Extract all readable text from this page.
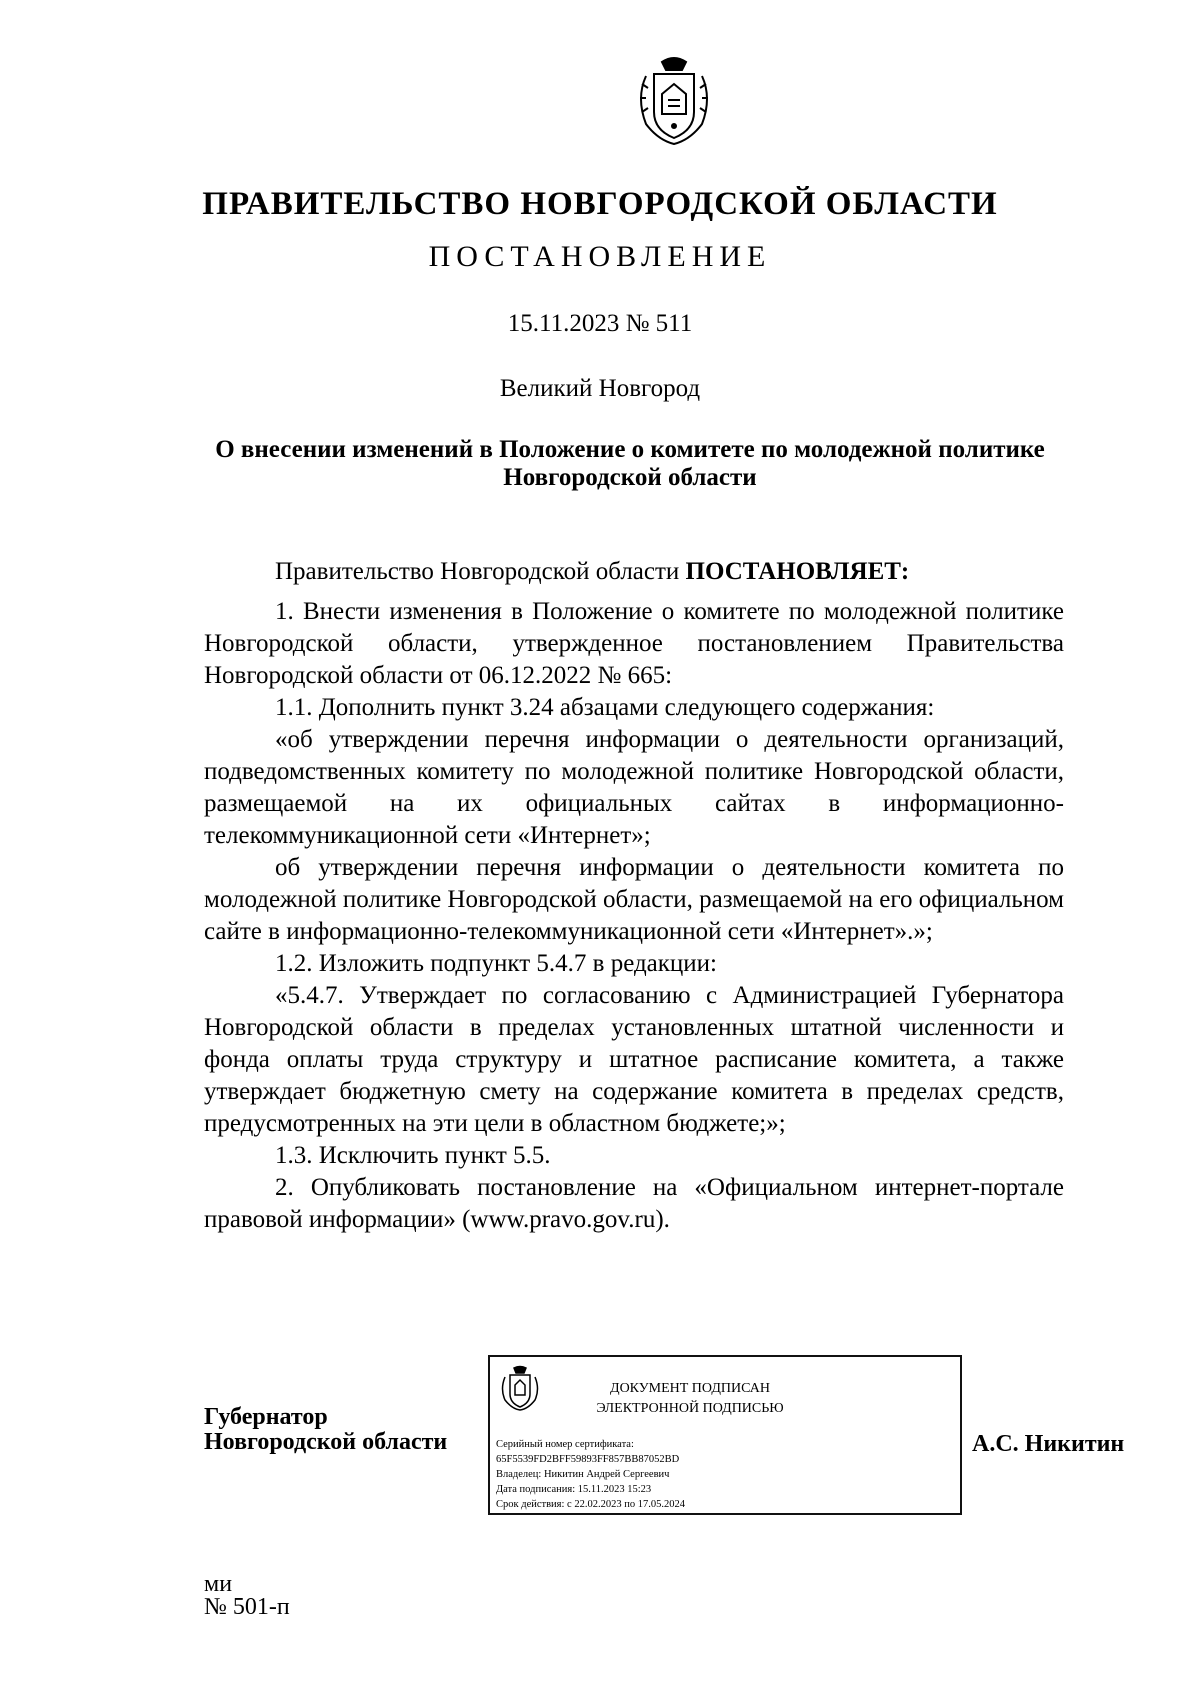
ПРАВИТЕЛЬСТВО НОВГОРОДСКОЙ ОБЛАСТИ
ПОСТАНОВЛЕНИЕ
15.11.2023 № 511
Великий Новгород
О внесении изменений в Положение о комитете по молодежной политике Новгородской области

Правительство Новгородской области ПОСТАНОВЛЯЕТ:

1. Внести изменения в Положение о комитете по молодежной политике Новгородской области, утвержденное постановлением Правительства Новгородской области от 06.12.2022 № 665:

1.1. Дополнить пункт 3.24 абзацами следующего содержания:

«об утверждении перечня информации о деятельности организаций, подведомственных комитету по молодежной политике Новгородской области, размещаемой на их официальных сайтах в информационно-телекоммуникационной сети «Интернет»;

об утверждении перечня информации о деятельности комитета по молодежной политике Новгородской области, размещаемой на его официальном сайте в информационно-телекоммуникационной сети «Интернет».»;

1.2. Изложить подпункт 5.4.7 в редакции:

«5.4.7. Утверждает по согласованию с Администрацией Губернатора Новгородской области в пределах установленных штатной численности и фонда оплаты труда структуру и штатное расписание комитета, а также утверждает бюджетную смету на содержание комитета в пределах средств, предусмотренных на эти цели в областном бюджете;»;

1.3. Исключить пункт 5.5.

2. Опубликовать постановление на «Официальном интернет-портале правовой информации» (www.pravo.gov.ru).

Губернатор
Новгородской области
ДОКУМЕНТ ПОДПИСАН
ЭЛЕКТРОННОЙ ПОДПИСЬЮ
Серийный номер сертификата:
65F5539FD2BFF59893FF857BB87052BD
Владелец: Никитин Андрей Сергеевич
Дата подписания: 15.11.2023 15:23
Срок действия: с 22.02.2023 по 17.05.2024
А.С. Никитин
ми
№ 501-п
